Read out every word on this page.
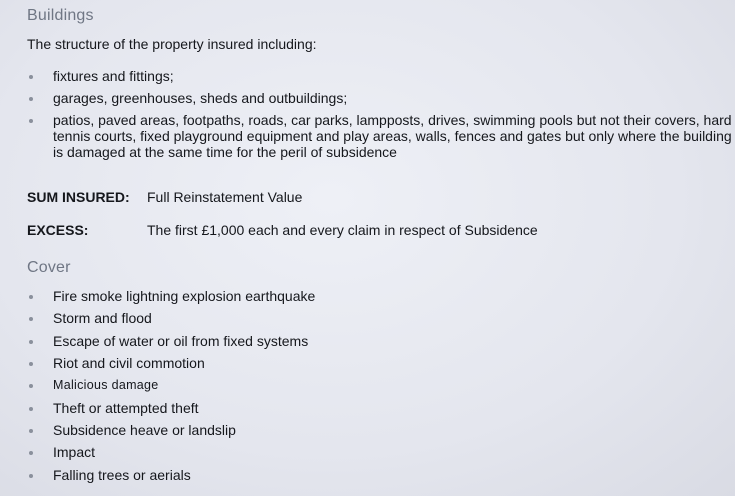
Buildings
The structure of the property insured including:
fixtures and fittings;
garages, greenhouses, sheds and outbuildings;
patios, paved areas, footpaths, roads, car parks, lampposts, drives, swimming pools but not their covers, hard tennis courts, fixed playground equipment and play areas, walls, fences and gates but only where the building is damaged at the same time for the peril of subsidence
SUM INSURED: Full Reinstatement Value
EXCESS:	The first £1,000 each and every claim in respect of Subsidence
Cover
Fire smoke lightning explosion earthquake
Storm and flood
Escape of water or oil from fixed systems
Riot and civil commotion
Malicious damage
Theft or attempted theft
Subsidence heave or landslip
Impact
Falling trees or aerials
